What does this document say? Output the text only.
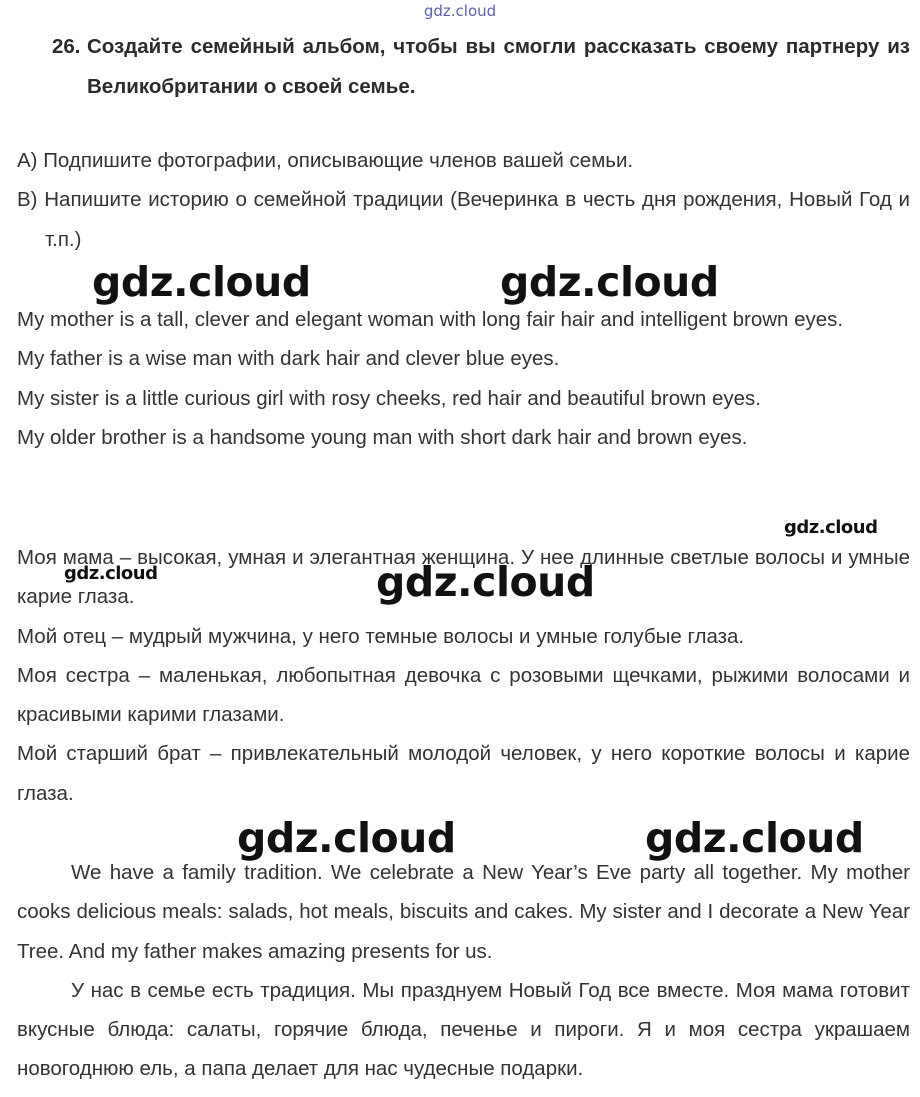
gdz.cloud
26. Создайте семейный альбом, чтобы вы смогли рассказать своему партнеру из Великобритании о своей семье.

А) Подпишите фотографии, описывающие членов вашей семьи.

В) Напишите историю о семейной традиции (Вечеринка в честь дня рождения, Новый Год и т.п.)

My mother is a tall, clever and elegant woman with long fair hair and intelligent brown eyes.

My father is a wise man with dark hair and clever blue eyes.

My sister is a little curious girl with rosy cheeks, red hair and beautiful brown eyes.

My older brother is a handsome young man with short dark hair and brown eyes.

Моя мама – высокая, умная и элегантная женщина. У нее длинные светлые волосы и умные карие глаза.

Мой отец – мудрый мужчина, у него темные волосы и умные голубые глаза.

Моя сестра – маленькая, любопытная девочка с розовыми щечками, рыжими волосами и красивыми карими глазами.

Мой старший брат – привлекательный молодой человек, у него короткие волосы и карие глаза.

We have a family tradition. We celebrate a New Year’s Eve party all together. My mother cooks delicious meals: salads, hot meals, biscuits and cakes. My sister and I decorate a New Year Tree. And my father makes amazing presents for us.

У нас в семье есть традиция. Мы празднуем Новый Год все вместе. Моя мама готовит вкусные блюда: салаты, горячие блюда, печенье и пироги. Я и моя сестра украшаем новогоднюю ель, а папа делает для нас чудесные подарки.

gdz.cloud	gdz.cloud
gdz.cloud
gdz.cloud	gdz.cloud
gdz.cloud	gdz.cloud
